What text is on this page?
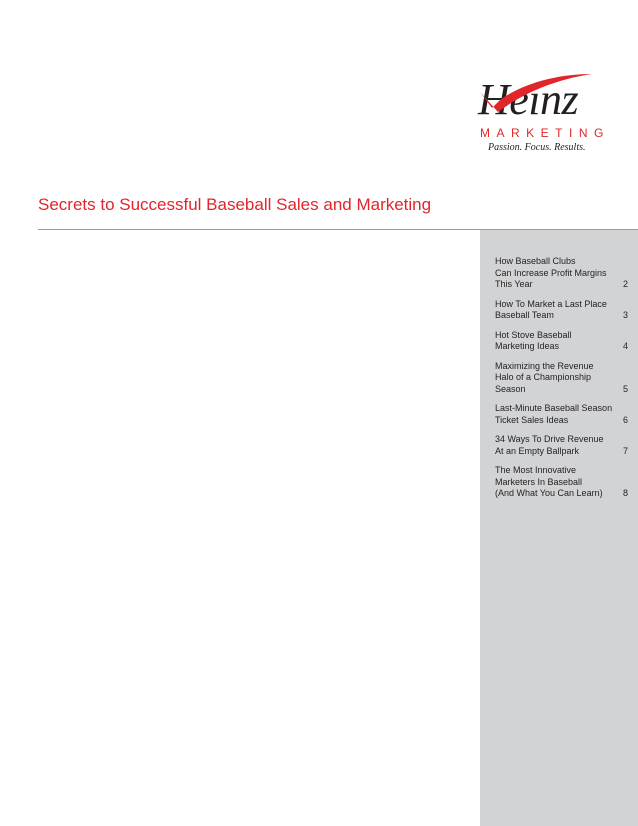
Heinz
MARKETING
Passion. Focus. Results.
Secrets to Successful Baseball Sales and Marketing
How Baseball Clubs
Can Increase Profit Margins
This Year	2
How To Market a Last Place
Baseball Team	3
Hot Stove Baseball
Marketing Ideas	4
Maximizing the Revenue
Halo of a Championship
Season	5
Last-Minute Baseball Season
Ticket Sales Ideas	6
34 Ways To Drive Revenue
At an Empty Ballpark	7
The Most Innovative
Marketers In Baseball
(And What You Can Learn)	8
